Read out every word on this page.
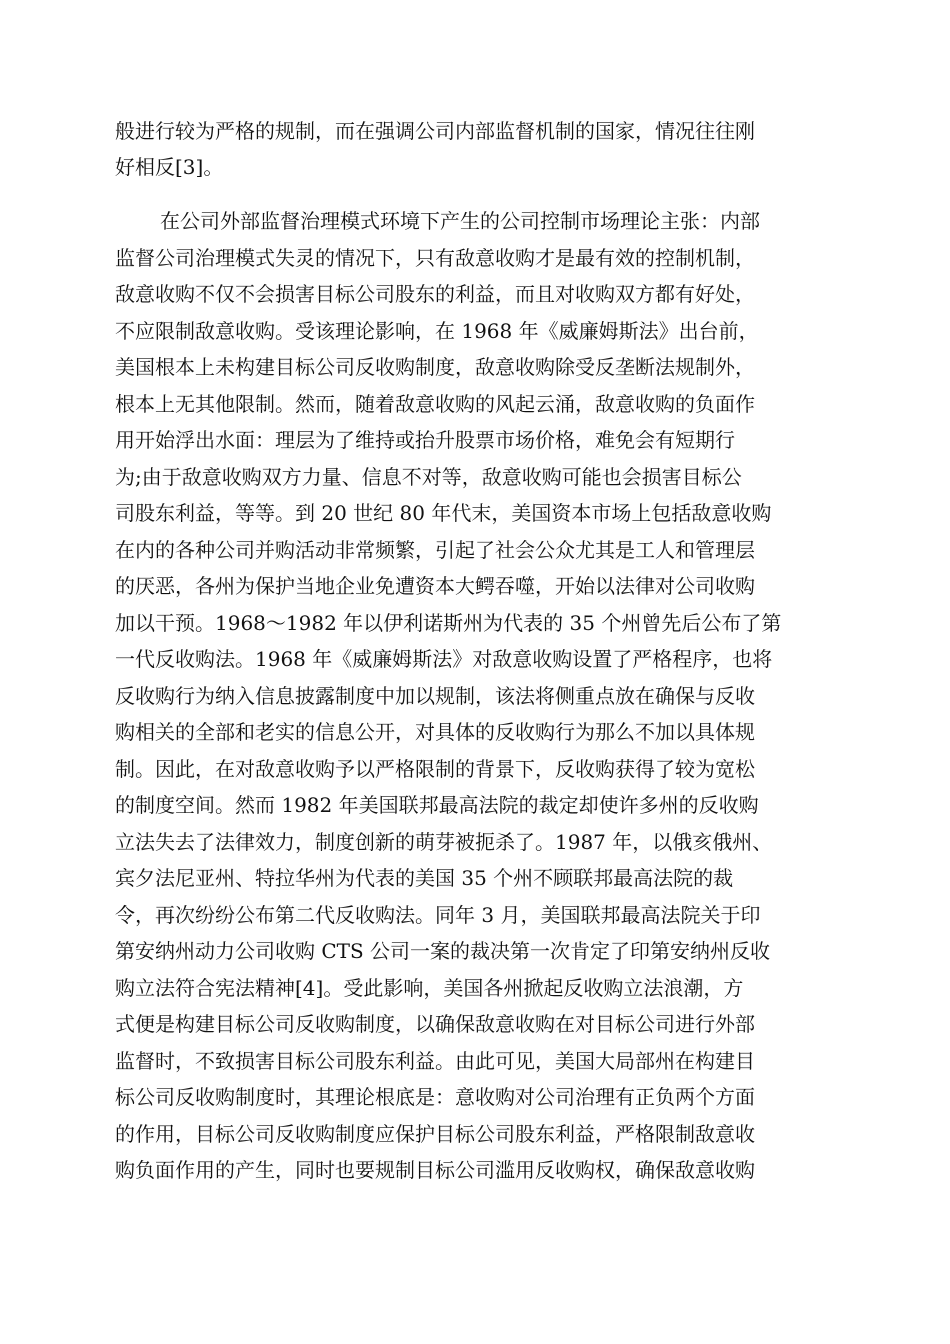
般进行较为严格的规制，而在强调公司内部监督机制的国家，情况往往刚
好相反[3]。
在公司外部监督治理模式环境下产生的公司控制市场理论主张：内部
监督公司治理模式失灵的情况下，只有敌意收购才是最有效的控制机制，
敌意收购不仅不会损害目标公司股东的利益，而且对收购双方都有好处，
不应限制敌意收购。受该理论影响，在 1968 年《威廉姆斯法》出台前，
美国根本上未构建目标公司反收购制度，敌意收购除受反垄断法规制外，
根本上无其他限制。然而，随着敌意收购的风起云涌，敌意收购的负面作
用开始浮出水面：理层为了维持或抬升股票市场价格，难免会有短期行
为;由于敌意收购双方力量、信息不对等，敌意收购可能也会损害目标公
司股东利益，等等。到 20 世纪 80 年代末，美国资本市场上包括敌意收购
在内的各种公司并购活动非常频繁，引起了社会公众尤其是工人和管理层
的厌恶，各州为保护当地企业免遭资本大鳄吞噬，开始以法律对公司收购
加以干预。1968～1982 年以伊利诺斯州为代表的 35 个州曾先后公布了第
一代反收购法。1968 年《威廉姆斯法》对敌意收购设置了严格程序，也将
反收购行为纳入信息披露制度中加以规制，该法将侧重点放在确保与反收
购相关的全部和老实的信息公开，对具体的反收购行为那么不加以具体规
制。因此，在对敌意收购予以严格限制的背景下，反收购获得了较为宽松
的制度空间。然而 1982 年美国联邦最高法院的裁定却使许多州的反收购
立法失去了法律效力，制度创新的萌芽被扼杀了。1987 年，以俄亥俄州、
宾夕法尼亚州、特拉华州为代表的美国 35 个州不顾联邦最高法院的裁
令，再次纷纷公布第二代反收购法。同年 3 月，美国联邦最高法院关于印
第安纳州动力公司收购 CTS 公司一案的裁决第一次肯定了印第安纳州反收
购立法符合宪法精神[4]。受此影响，美国各州掀起反收购立法浪潮，方
式便是构建目标公司反收购制度，以确保敌意收购在对目标公司进行外部
监督时，不致损害目标公司股东利益。由此可见，美国大局部州在构建目
标公司反收购制度时，其理论根底是：意收购对公司治理有正负两个方面
的作用，目标公司反收购制度应保护目标公司股东利益，严格限制敌意收
购负面作用的产生，同时也要规制目标公司滥用反收购权，确保敌意收购
